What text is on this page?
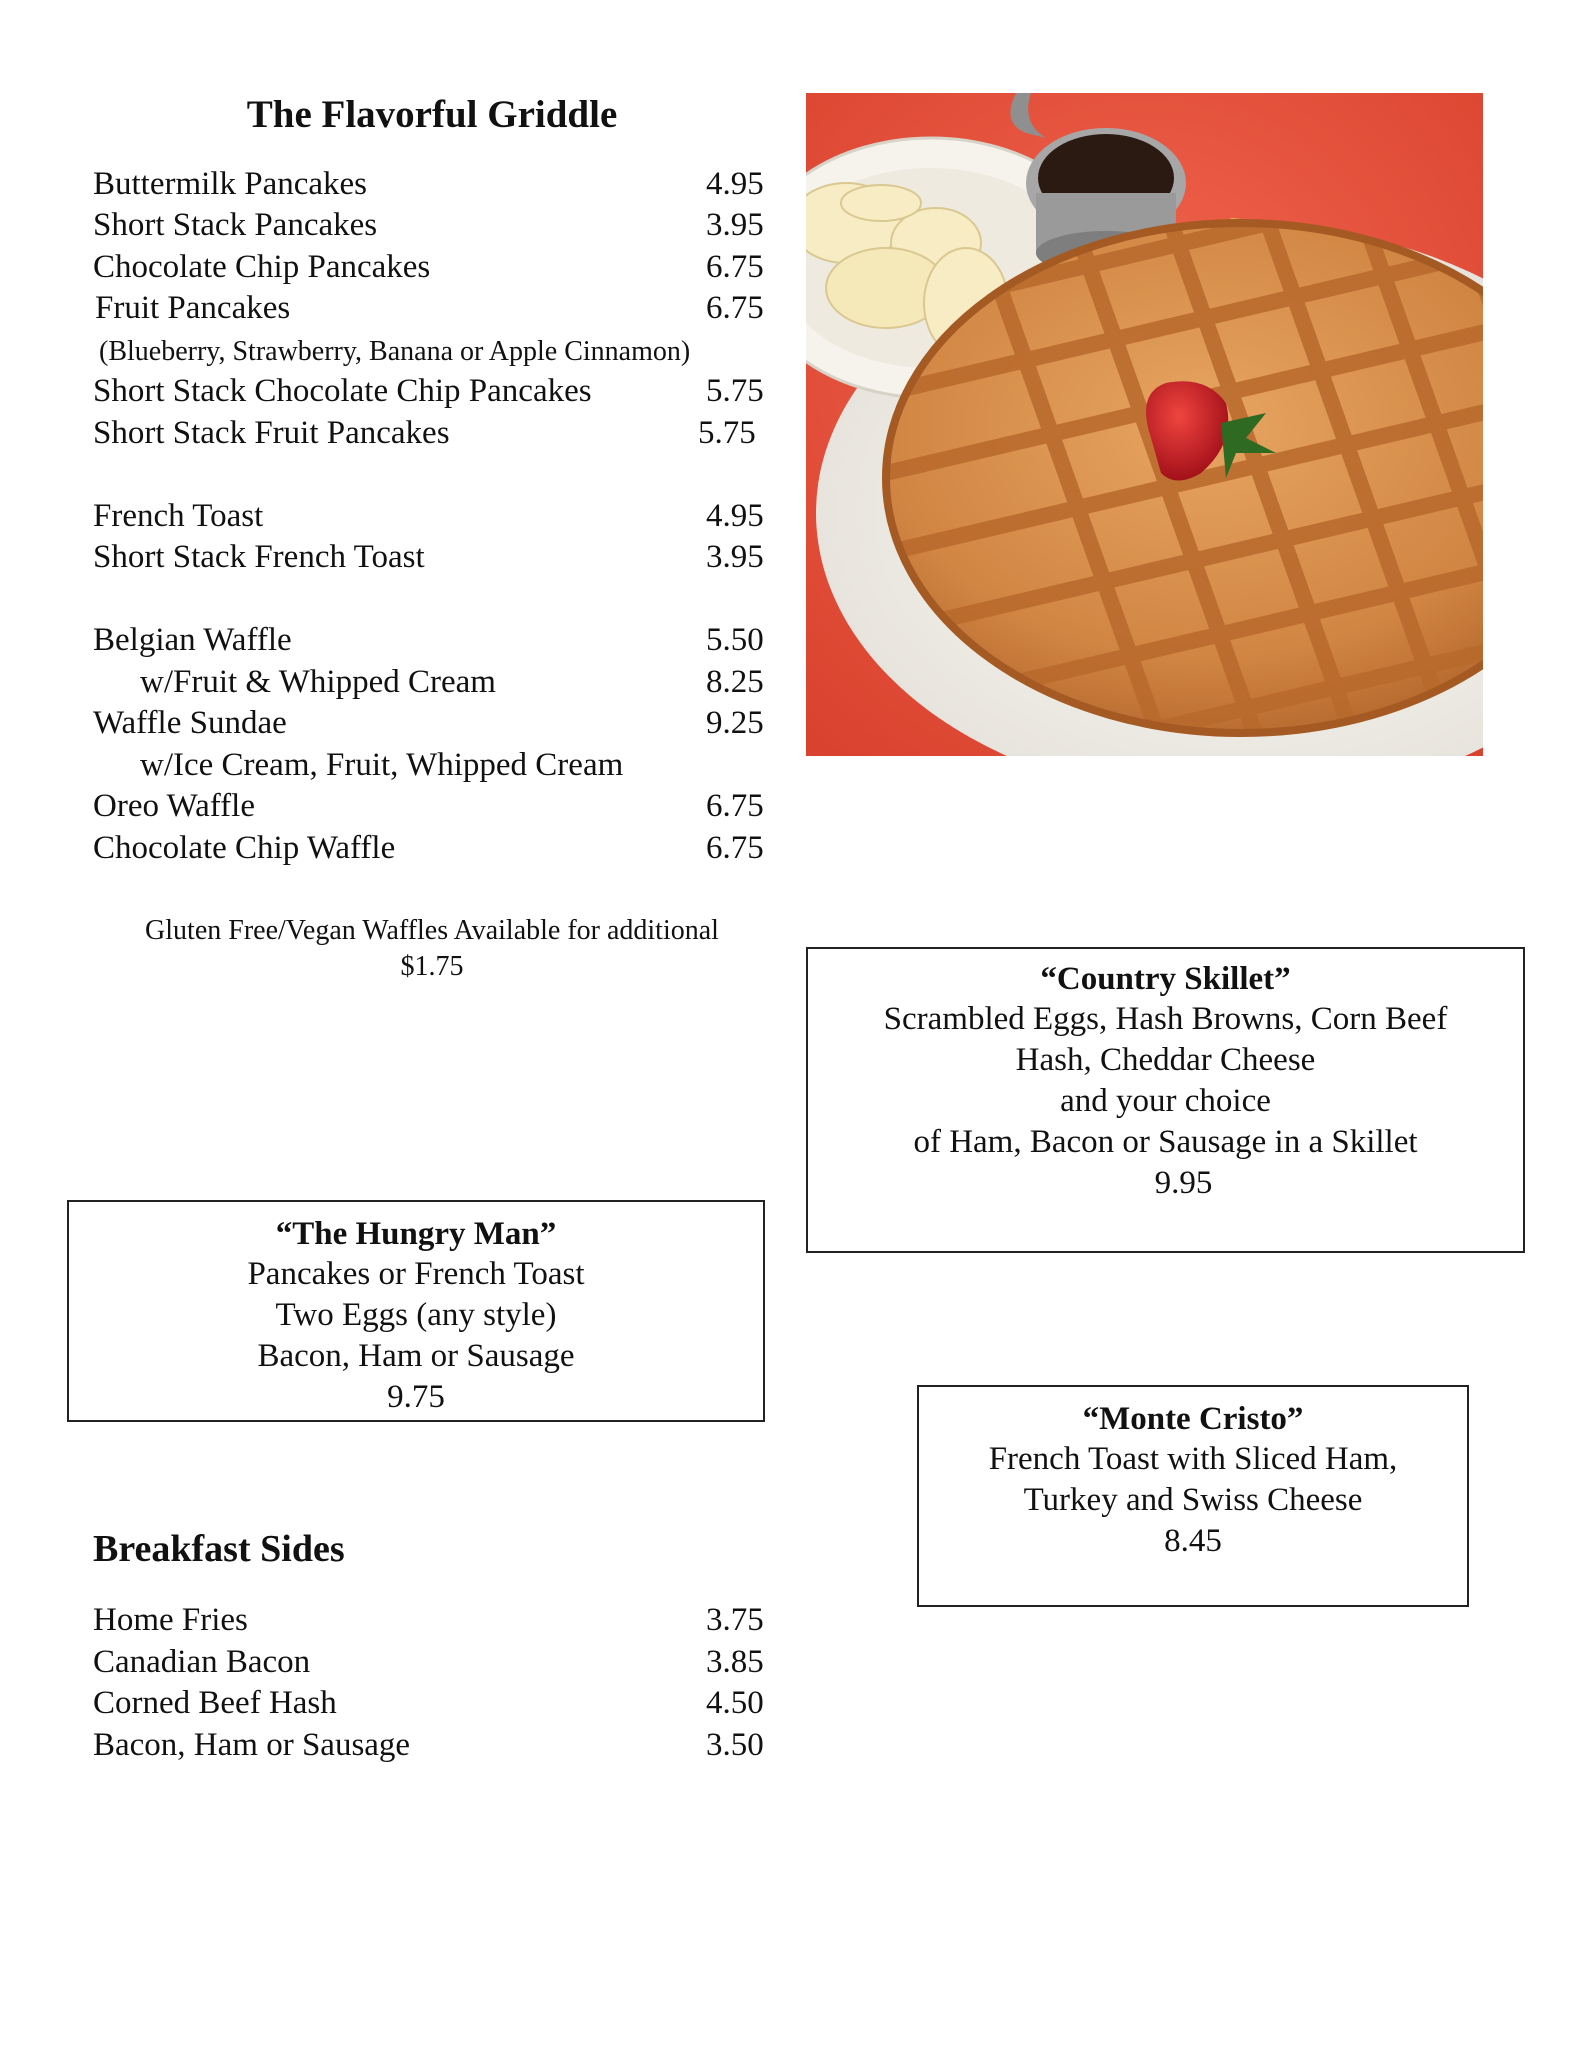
The Flavorful Griddle
Buttermilk Pancakes	4.95
Short Stack Pancakes	3.95
Chocolate Chip Pancakes	6.75
Fruit Pancakes	6.75
(Blueberry, Strawberry, Banana or Apple Cinnamon)
Short Stack Chocolate Chip Pancakes	5.75
Short Stack Fruit Pancakes	5.75
French Toast	4.95
Short Stack French Toast	3.95
Belgian Waffle	5.50
w/Fruit & Whipped Cream	8.25
Waffle Sundae	9.25
w/Ice Cream, Fruit, Whipped Cream
Oreo Waffle	6.75
Chocolate Chip Waffle	6.75
Gluten Free/Vegan Waffles Available for additional
$1.75	“Country Skillet”
Scrambled Eggs, Hash Browns, Corn Beef
Hash, Cheddar Cheese
and your choice
of Ham, Bacon or Sausage in a Skillet
9.95
“The Hungry Man”
Pancakes or French Toast
Two Eggs (any style)
Bacon, Ham or Sausage
9.75
“Monte Cristo”
French Toast with Sliced Ham,
Turkey and Swiss Cheese
8.45
Breakfast Sides
Home Fries	3.75
Canadian Bacon	3.85
Corned Beef Hash	4.50
Bacon, Ham or Sausage	3.50
